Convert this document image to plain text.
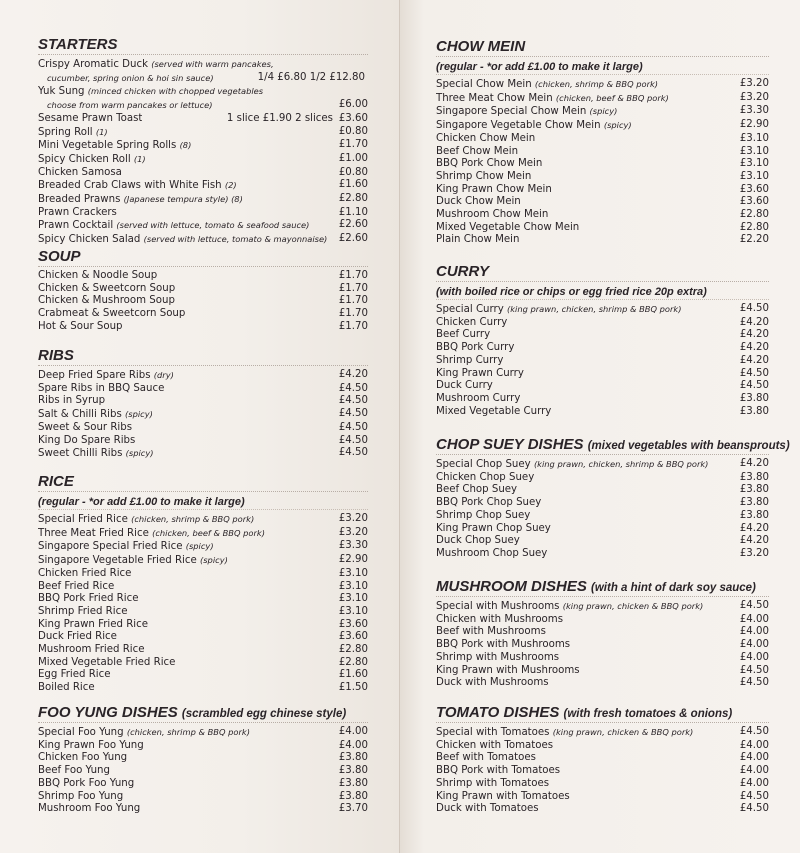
STARTERS
Crispy Aromatic Duck (served with warm pancakes,
cucumber, spring onion & hoi sin sauce)	1/4 £6.80 1/2 £12.80
Yuk Sung (minced chicken with chopped vegetables
choose from warm pancakes or lettuce)	£6.00
Sesame Prawn Toast	1 slice £1.90 2 slices £3.60
Spring Roll (1)	£0.80
Mini Vegetable Spring Rolls (8)	£1.70
Spicy Chicken Roll (1)	£1.00
Chicken Samosa	£0.80
Breaded Crab Claws with White Fish (2)	£1.60
Breaded Prawns (Japanese tempura style) (8)	£2.80
Prawn Crackers	£1.10
Prawn Cocktail (served with lettuce, tomato & seafood sauce)	£2.60
Spicy Chicken Salad (served with lettuce, tomato & mayonnaise) £2.60
SOUP
Chicken & Noodle Soup	£1.70
Chicken & Sweetcorn Soup	£1.70
Chicken & Mushroom Soup	£1.70
Crabmeat & Sweetcorn Soup	£1.70
Hot & Sour Soup	£1.70
RIBS
Deep Fried Spare Ribs (dry)	£4.20
Spare Ribs in BBQ Sauce	£4.50
Ribs in Syrup	£4.50
Salt & Chilli Ribs (spicy)	£4.50
Sweet & Sour Ribs	£4.50
King Do Spare Ribs	£4.50
Sweet Chilli Ribs (spicy)	£4.50
RICE
(regular - *or add £1.00 to make it large)
Special Fried Rice (chicken, shrimp & BBQ pork)	£3.20
Three Meat Fried Rice (chicken, beef & BBQ pork)	£3.20
Singapore Special Fried Rice (spicy)	£3.30
Singapore Vegetable Fried Rice (spicy)	£2.90
Chicken Fried Rice	£3.10
Beef Fried Rice	£3.10
BBQ Pork Fried Rice	£3.10
Shrimp Fried Rice	£3.10
King Prawn Fried Rice	£3.60
Duck Fried Rice	£3.60
Mushroom Fried Rice	£2.80
Mixed Vegetable Fried Rice	£2.80
Egg Fried Rice	£1.60
Boiled Rice	£1.50
FOO YUNG DISHES (scrambled egg chinese style)
Special Foo Yung (chicken, shrimp & BBQ pork)	£4.00
King Prawn Foo Yung	£4.00
Chicken Foo Yung	£3.80
Beef Foo Yung	£3.80
BBQ Pork Foo Yung	£3.80
Shrimp Foo Yung	£3.80
Mushroom Foo Yung	£3.70
CHOW MEIN
(regular - *or add £1.00 to make it large)
Special Chow Mein (chicken, shrimp & BBQ pork)	£3.20
Three Meat Chow Mein (chicken, beef & BBQ pork)	£3.20
Singapore Special Chow Mein (spicy)	£3.30
Singapore Vegetable Chow Mein (spicy)	£2.90
Chicken Chow Mein	£3.10
Beef Chow Mein	£3.10
BBQ Pork Chow Mein	£3.10
Shrimp Chow Mein	£3.10
King Prawn Chow Mein	£3.60
Duck Chow Mein	£3.60
Mushroom Chow Mein	£2.80
Mixed Vegetable Chow Mein	£2.80
Plain Chow Mein	£2.20
CURRY
(with boiled rice or chips or egg fried rice 20p extra)
Special Curry (king prawn, chicken, shrimp & BBQ pork)	£4.50
Chicken Curry	£4.20
Beef Curry	£4.20
BBQ Pork Curry	£4.20
Shrimp Curry	£4.20
King Prawn Curry	£4.50
Duck Curry	£4.50
Mushroom Curry	£3.80
Mixed Vegetable Curry	£3.80
CHOP SUEY DISHES (mixed vegetables with beansprouts)
Special Chop Suey (king prawn, chicken, shrimp & BBQ pork)	£4.20
Chicken Chop Suey	£3.80
Beef Chop Suey	£3.80
BBQ Pork Chop Suey	£3.80
Shrimp Chop Suey	£3.80
King Prawn Chop Suey	£4.20
Duck Chop Suey	£4.20
Mushroom Chop Suey	£3.20
MUSHROOM DISHES (with a hint of dark soy sauce)
Special with Mushrooms (king prawn, chicken & BBQ pork)	£4.50
Chicken with Mushrooms	£4.00
Beef with Mushrooms	£4.00
BBQ Pork with Mushrooms	£4.00
Shrimp with Mushrooms	£4.00
King Prawn with Mushrooms	£4.50
Duck with Mushrooms	£4.50
TOMATO DISHES (with fresh tomatoes & onions)
Special with Tomatoes (king prawn, chicken & BBQ pork)	£4.50
Chicken with Tomatoes	£4.00
Beef with Tomatoes	£4.00
BBQ Pork with Tomatoes	£4.00
Shrimp with Tomatoes	£4.00
King Prawn with Tomatoes	£4.50
Duck with Tomatoes	£4.50
